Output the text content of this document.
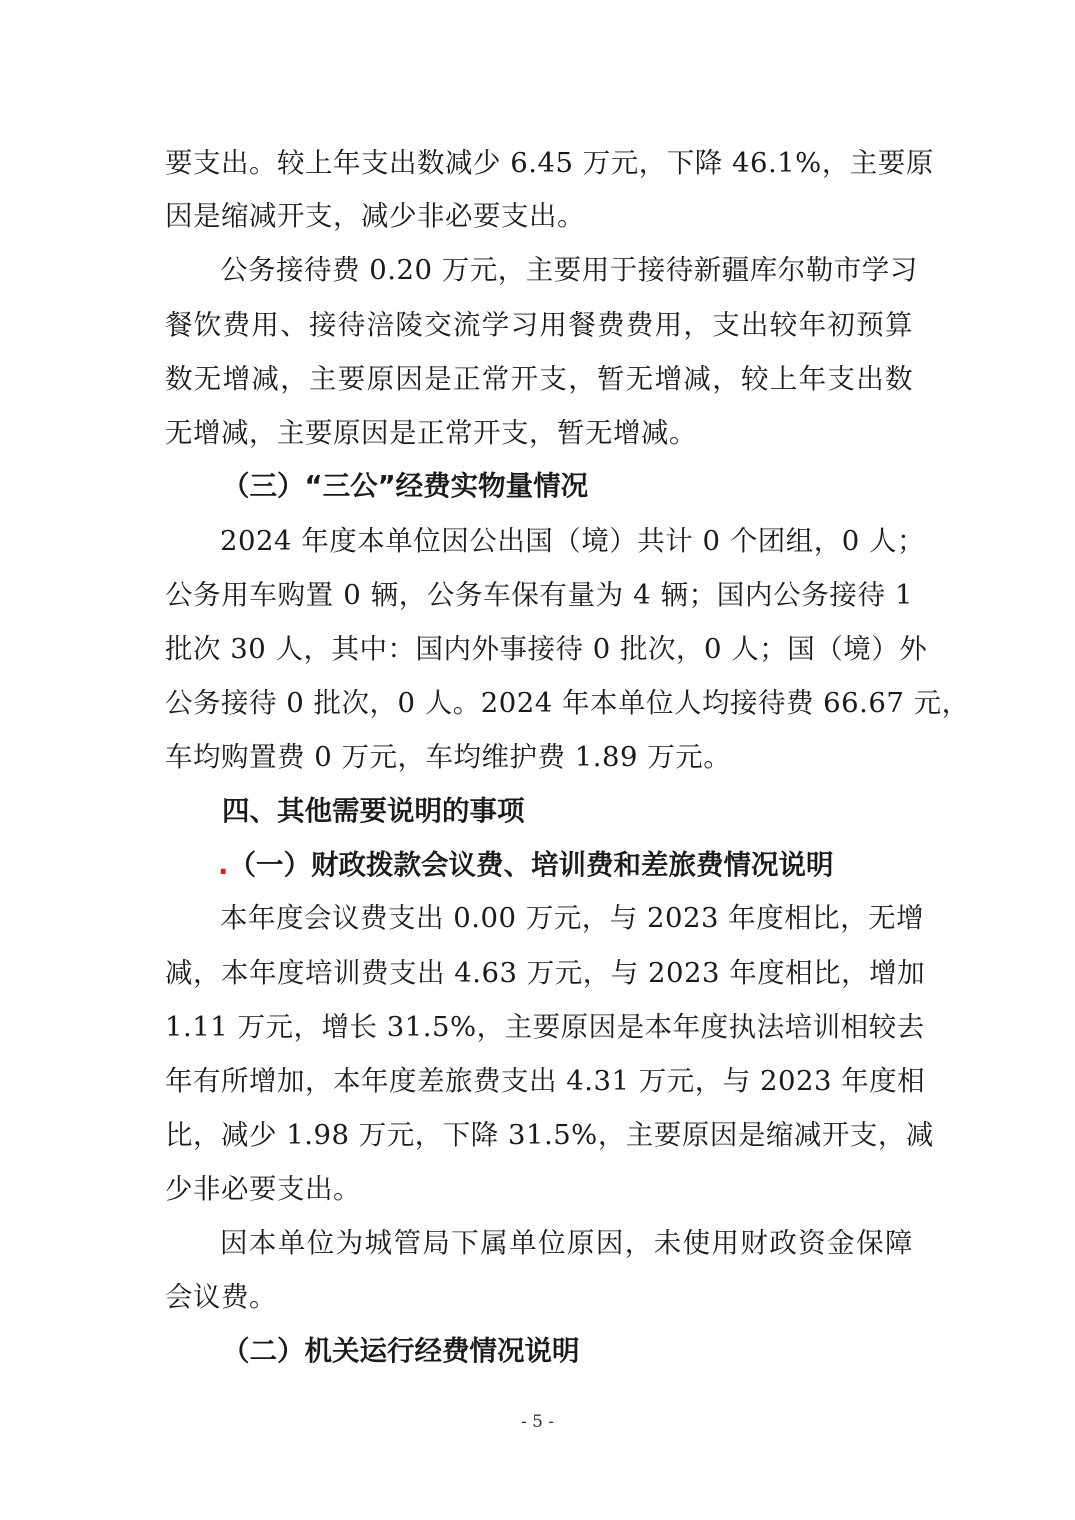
要支出。较上年支出数减少 6.45 万元，下降 46.1%，主要原
因是缩减开支，减少非必要支出。
公务接待费 0.20 万元，主要用于接待新疆库尔勒市学习
餐饮费用、接待涪陵交流学习用餐费费用，支出较年初预算
数无增减，主要原因是正常开支，暂无增减，较上年支出数
无增减，主要原因是正常开支，暂无增减。
（三）“三公”经费实物量情况
2024 年度本单位因公出国（境）共计 0 个团组，0 人；
公务用车购置 0 辆，公务车保有量为 4 辆；国内公务接待 1
批次 30 人，其中：国内外事接待 0 批次，0 人；国（境）外
公务接待 0 批次，0 人。2024 年本单位人均接待费 66.67 元，
车均购置费 0 万元，车均维护费 1.89 万元。
四、其他需要说明的事项
.（一）财政拨款会议费、培训费和差旅费情况说明
本年度会议费支出 0.00 万元，与 2023 年度相比，无增
减，本年度培训费支出 4.63 万元，与 2023 年度相比，增加
1.11 万元，增长 31.5%，主要原因是本年度执法培训相较去
年有所增加，本年度差旅费支出 4.31 万元，与 2023 年度相
比，减少 1.98 万元，下降 31.5%，主要原因是缩减开支，减
少非必要支出。
因本单位为城管局下属单位原因，未使用财政资金保障
会议费。
（二）机关运行经费情况说明
- 5 -
